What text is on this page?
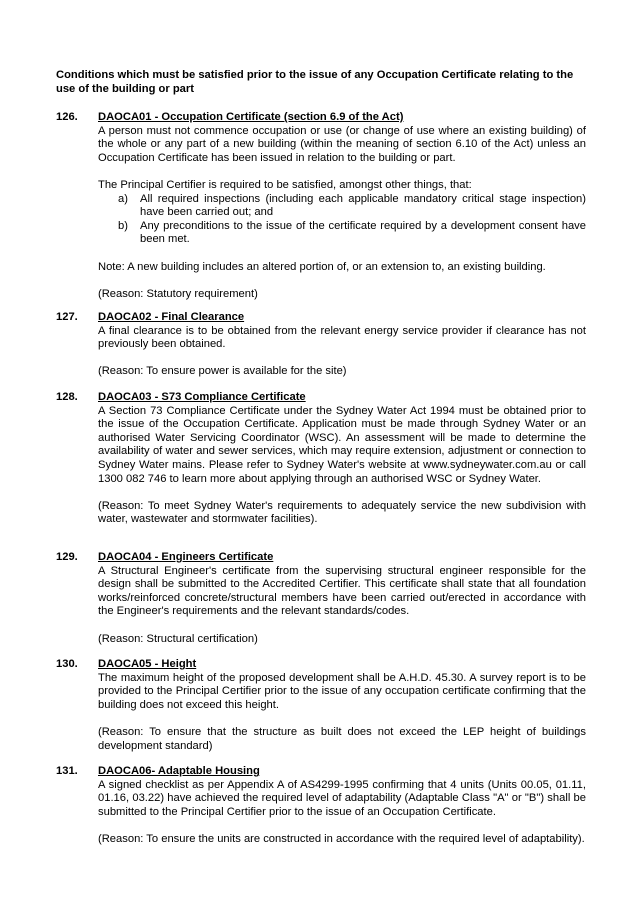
Conditions which must be satisfied prior to the issue of any Occupation Certificate relating to the use of the building or part
126. DAOCA01 - Occupation Certificate (section 6.9 of the Act)
A person must not commence occupation or use (or change of use where an existing building) of the whole or any part of a new building (within the meaning of section 6.10 of the Act) unless an Occupation Certificate has been issued in relation to the building or part.
The Principal Certifier is required to be satisfied, amongst other things, that:
a) All required inspections (including each applicable mandatory critical stage inspection) have been carried out; and
b) Any preconditions to the issue of the certificate required by a development consent have been met.
Note: A new building includes an altered portion of, or an extension to, an existing building.
(Reason: Statutory requirement)
127. DAOCA02 - Final Clearance
A final clearance is to be obtained from the relevant energy service provider if clearance has not previously been obtained.
(Reason: To ensure power is available for the site)
128. DAOCA03 - S73 Compliance Certificate
A Section 73 Compliance Certificate under the Sydney Water Act 1994 must be obtained prior to the issue of the Occupation Certificate. Application must be made through Sydney Water or an authorised Water Servicing Coordinator (WSC). An assessment will be made to determine the availability of water and sewer services, which may require extension, adjustment or connection to Sydney Water mains. Please refer to Sydney Water's website at www.sydneywater.com.au or call 1300 082 746 to learn more about applying through an authorised WSC or Sydney Water.
(Reason: To meet Sydney Water's requirements to adequately service the new subdivision with water, wastewater and stormwater facilities).
129. DAOCA04 - Engineers Certificate
A Structural Engineer's certificate from the supervising structural engineer responsible for the design shall be submitted to the Accredited Certifier. This certificate shall state that all foundation works/reinforced concrete/structural members have been carried out/erected in accordance with the Engineer's requirements and the relevant standards/codes.
(Reason: Structural certification)
130. DAOCA05 - Height
The maximum height of the proposed development shall be A.H.D. 45.30. A survey report is to be provided to the Principal Certifier prior to the issue of any occupation certificate confirming that the building does not exceed this height.
(Reason: To ensure that the structure as built does not exceed the LEP height of buildings development standard)
131. DAOCA06- Adaptable Housing
A signed checklist as per Appendix A of AS4299-1995 confirming that 4 units (Units 00.05, 01.11, 01.16, 03.22) have achieved the required level of adaptability (Adaptable Class "A" or "B") shall be submitted to the Principal Certifier prior to the issue of an Occupation Certificate.
(Reason: To ensure the units are constructed in accordance with the required level of adaptability).
